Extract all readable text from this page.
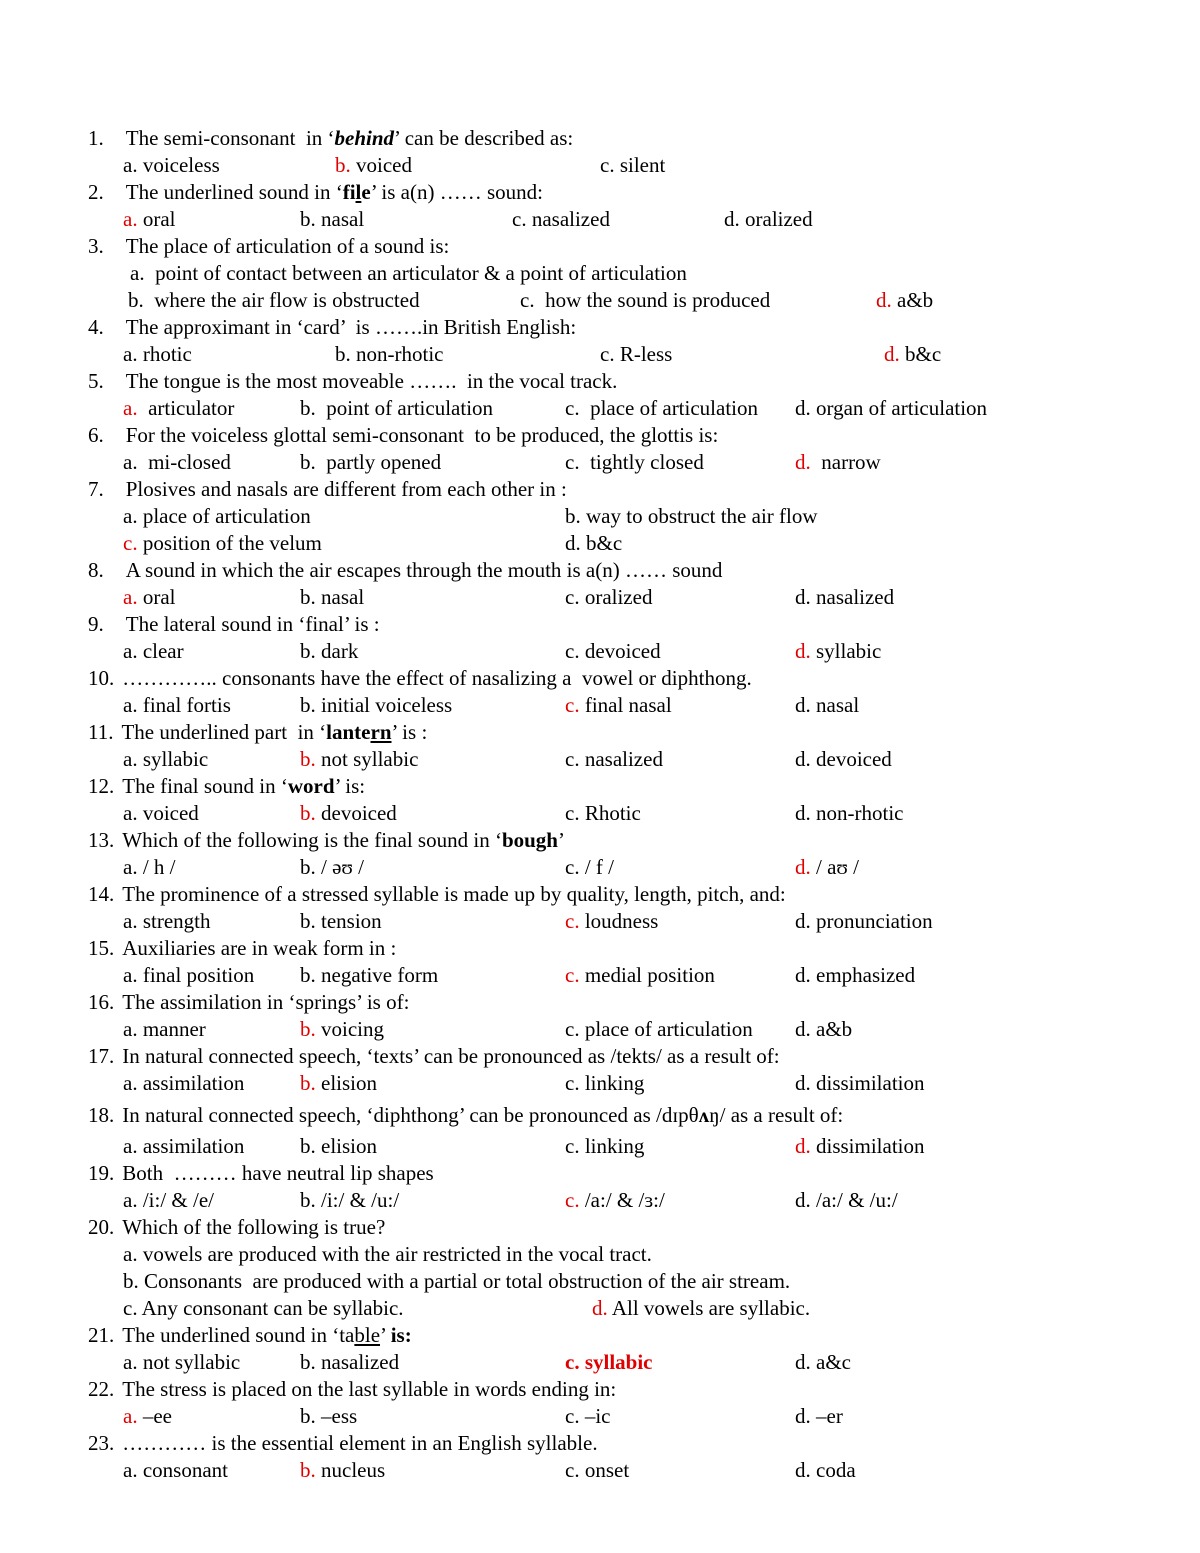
1. The semi-consonant  in ‘behind’ can be described as:
a. voiceless	b. voiced	c. silent
2. The underlined sound in ‘file’ is a(n) …… sound:
a. oral	b. nasal	c. nasalized	d. oralized
3. The place of articulation of a sound is:
a.  point of contact between an articulator & a point of articulation
b.  where the air flow is obstructed	c.  how the sound is produced	d. a&b
4. The approximant in ‘card’  is …….in British English:
a. rhotic	b. non-rhotic	c. R-less	d. b&c
5. The tongue is the most moveable …….  in the vocal track.
a.  articulator	b.  point of articulation	c.  place of articulation d. organ of articulation
6. For the voiceless glottal semi-consonant  to be produced, the glottis is:
a.  mi-closed	b.  partly opened	c.  tightly closed	d.  narrow
7. Plosives and nasals are different from each other in :
a. place of articulation	b. way to obstruct the air flow
c. position of the velum	d. b&c
8. A sound in which the air escapes through the mouth is a(n) …… sound
a. oral	b. nasal	c. oralized	d. nasalized
9. The lateral sound in ‘final’ is :
a. clear	b. dark	c. devoiced	d. syllabic
10. ………….. consonants have the effect of nasalizing a  vowel or diphthong.
a. final fortis	b. initial voiceless	c. final nasal	d. nasal
11. The underlined part  in ‘lantern’ is :
a. syllabic	b. not syllabic	c. nasalized	d. devoiced
12. The final sound in ‘word’ is:
a. voiced	b. devoiced	c. Rhotic	d. non-rhotic
13. Which of the following is the final sound in ‘bough’
a. / h /	b. / əʊ /	c. / f /	d. / aʊ /
14. The prominence of a stressed syllable is made up by quality, length, pitch, and:
a. strength	b. tension	c. loudness	d. pronunciation
15. Auxiliaries are in weak form in :
a. final position b. negative form	c. medial position	d. emphasized
16. The assimilation in ‘springs’ is of:
a. manner	b. voicing	c. place of articulation d. a&b
17. In natural connected speech, ‘texts’ can be pronounced as /tekts/ as a result of:
a. assimilation	b. elision	c. linking	d. dissimilation
18. In natural connected speech, ‘diphthong’ can be pronounced as /dɪpθʌŋ/ as a result of:
a. assimilation	b. elision	c. linking	d. dissimilation
19. Both  ……… have neutral lip shapes
a. /i:/ & /e/	b. /i:/ & /u:/	c. /a:/ & /ɜ:/	d. /a:/ & /u:/
20. Which of the following is true?
a. vowels are produced with the air restricted in the vocal tract.
b. Consonants  are produced with a partial or total obstruction of the air stream.
c. Any consonant can be syllabic.	d. All vowels are syllabic.
21. The underlined sound in ‘table’ is:
a. not syllabic	b. nasalized	c. syllabic	d. a&c
22. The stress is placed on the last syllable in words ending in:
a. –ee	b. –ess	c. –ic	d. –er
23. ………… is the essential element in an English syllable.
a. consonant	b. nucleus	c. onset	d. coda
